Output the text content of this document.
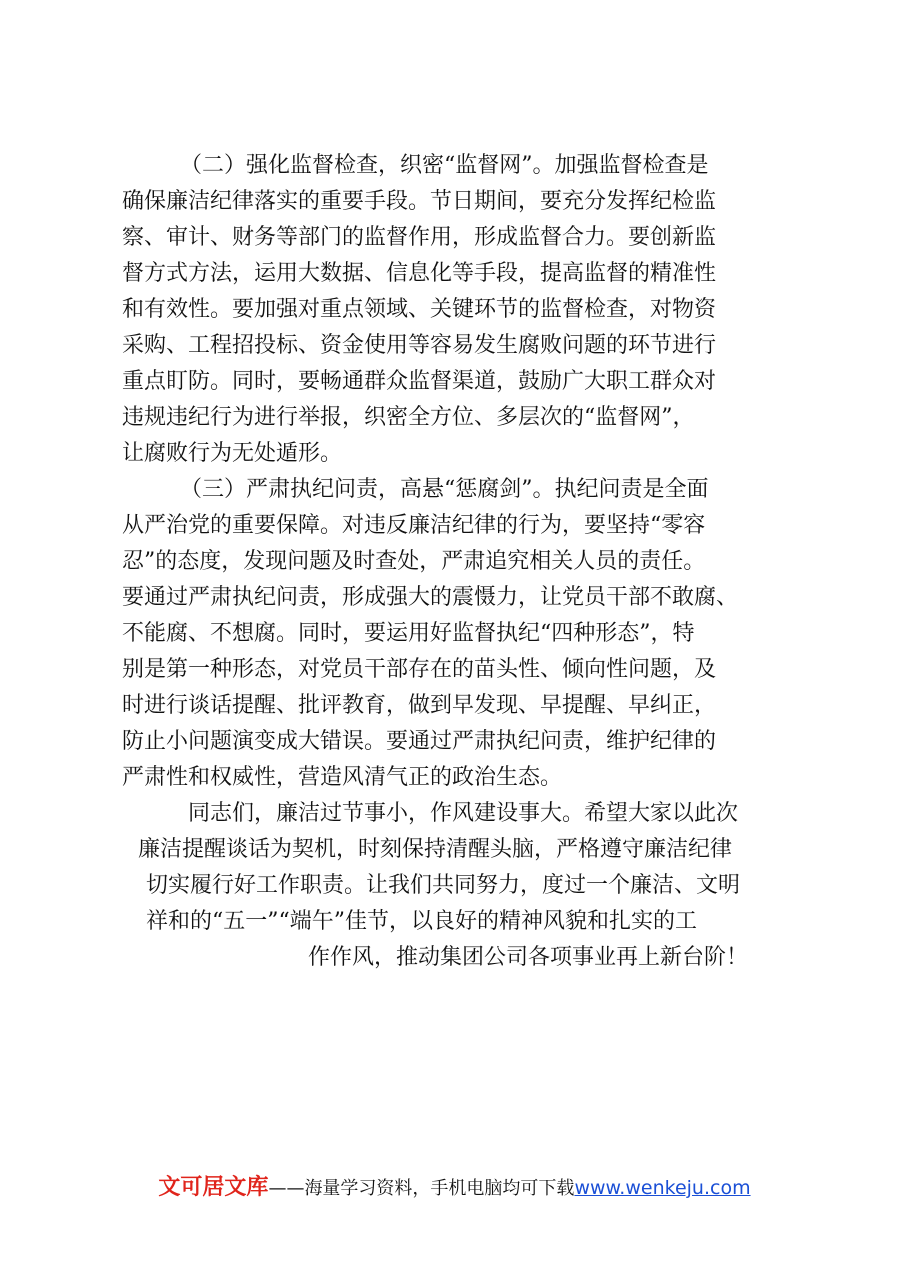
（二）强化监督检查，织密“监督网”。加强监督检查是
确保廉洁纪律落实的重要手段。节日期间，要充分发挥纪检监
察、审计、财务等部门的监督作用，形成监督合力。要创新监
督方式方法，运用大数据、信息化等手段，提高监督的精准性
和有效性。要加强对重点领域、关键环节的监督检查，对物资
采购、工程招投标、资金使用等容易发生腐败问题的环节进行
重点盯防。同时，要畅通群众监督渠道，鼓励广大职工群众对
违规违纪行为进行举报，织密全方位、多层次的“监督网”，
让腐败行为无处遁形。
（三）严肃执纪问责，高悬“惩腐剑”。执纪问责是全面
从严治党的重要保障。对违反廉洁纪律的行为，要坚持“零容
忍”的态度，发现问题及时查处，严肃追究相关人员的责任。
要通过严肃执纪问责，形成强大的震慑力，让党员干部不敢腐、
不能腐、不想腐。同时，要运用好监督执纪“四种形态”，特
别是第一种形态，对党员干部存在的苗头性、倾向性问题，及
时进行谈话提醒、批评教育，做到早发现、早提醒、早纠正，
防止小问题演变成大错误。要通过严肃执纪问责，维护纪律的
严肃性和权威性，营造风清气正的政治生态。
同志们，廉洁过节事小，作风建设事大。希望大家以此次
廉洁提醒谈话为契机，时刻保持清醒头脑，严格遵守廉洁纪律
切实履行好工作职责。让我们共同努力，度过一个廉洁、文明
祥和的“五一”“端午”佳节，以良好的精神风貌和扎实的工
作作风，推动集团公司各项事业再上新台阶！
文可居文库——海量学习资料，手机电脑均可下载www.wenkeju.com
